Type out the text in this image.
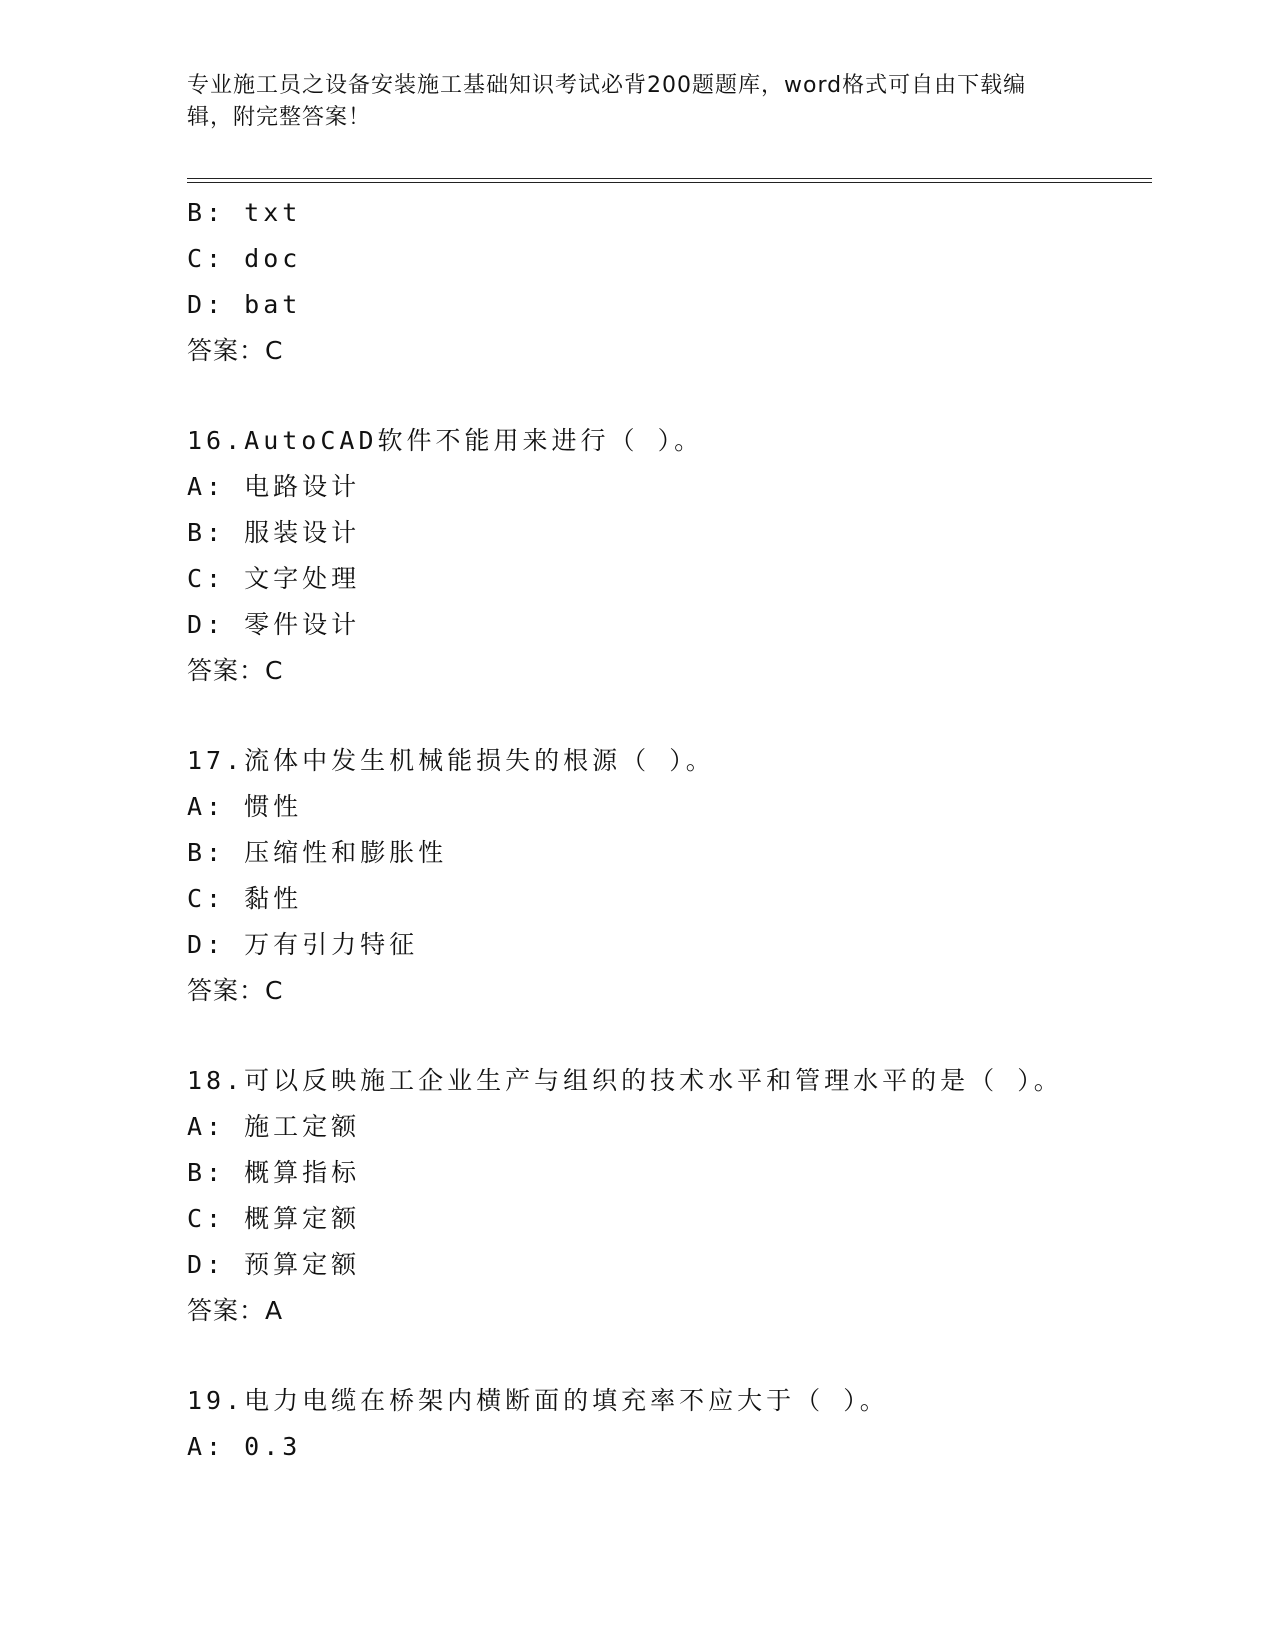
专业施工员之设备安装施工基础知识考试必背200题题库，word格式可自由下载编辑，附完整答案！
B: txt
C: doc
D: bat
答案：C
16.AutoCAD软件不能用来进行（ ）。
A: 电路设计
B: 服装设计
C: 文字处理
D: 零件设计
答案：C
17.流体中发生机械能损失的根源（ ）。
A: 惯性
B: 压缩性和膨胀性
C: 黏性
D: 万有引力特征
答案：C
18.可以反映施工企业生产与组织的技术水平和管理水平的是（ ）。
A: 施工定额
B: 概算指标
C: 概算定额
D: 预算定额
答案：A
19.电力电缆在桥架内横断面的填充率不应大于（ ）。
A: 0.3
